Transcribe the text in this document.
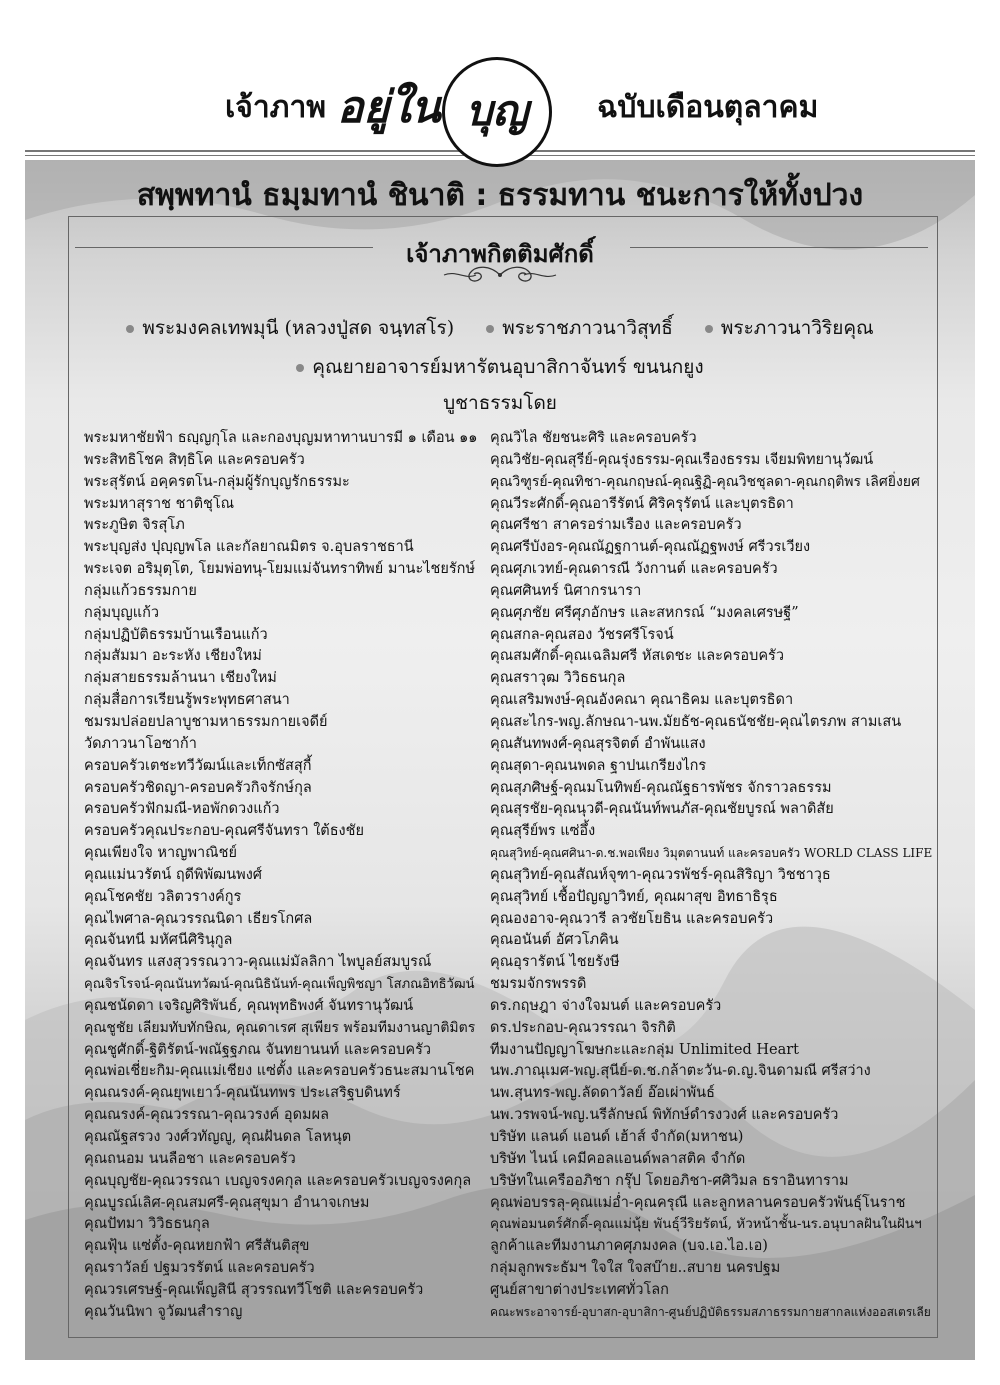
เจ้าภาพ อยู่ใน	ฉบับเดือนตุลาคม
บุญ
สพฺพทานํ ธมฺมทานํ ชินาติ : ธรรมทาน ชนะการให้ทั้งปวง
เจ้าภาพกิตติมศักดิ์
พระมงคลเทพมุนี (หลวงปู่สด จนฺทสโร)	พระราชภาวนาวิสุทธิ์	พระภาวนาวิริยคุณ
คุณยายอาจารย์มหารัตนอุบาสิกาจันทร์ ขนนกยูง
บูชาธรรมโดย
พระมหาชัยฟ้า ธญฺญกุโล และกองบุญมหาทานบารมี ๑ เดือน ๑๑
พระสิทธิโชค สิทฺธิโค และครอบครัว
พระสุรัตน์ อคฺครตโน-กลุ่มผู้รักบุญรักธรรมะ
พระมหาสุราช ชาติชุโณ
พระภูษิต จิรสุโภ
พระบุญส่ง ปุญฺญพโล และกัลยาณมิตร จ.อุบลราชธานี
พระเจต อริมุตฺโต, โยมพ่อทนุ-โยมแม่จันทราทิพย์ มานะไชยรักษ์
กลุ่มแก้วธรรมกาย
กลุ่มบุญแก้ว
กลุ่มปฏิบัติธรรมบ้านเรือนแก้ว
กลุ่มสัมมา อะระหัง เชียงใหม่
กลุ่มสายธรรมล้านนา เชียงใหม่
กลุ่มสื่อการเรียนรู้พระพุทธศาสนา
ชมรมปล่อยปลาบูชามหาธรรมกายเจดีย์
วัดภาวนาโอซาก้า
ครอบครัวเตชะทวีวัฒน์และเท็กซัสสุกี้
ครอบครัวชิดญา-ครอบครัวกิจรักษ์กุล
ครอบครัวฟักมณี-หอพักดวงแก้ว
ครอบครัวคุณประกอบ-คุณศรีจันทรา ใต้ธงชัย
คุณเพียงใจ หาญพาณิชย์
คุณแม่นวรัตน์ ฤดีพิพัฒนพงศ์
คุณโชคชัย วลิตวรางค์กูร
คุณไพศาล-คุณวรรณนิดา เธียรโกศล
คุณจันทนี มหัศนีศิรินุกูล
คุณจันทร แสงสุวรรณวาว-คุณแม่มัลลิกา ไพบูลย์สมบูรณ์
คุณจิรโรจน์-คุณนันทวัฒน์-คุณนิธินันท์-คุณเพ็ญพิชญา โสภณอิทธิวัฒน์
คุณชนัดดา เจริญศิริพันธ์, คุณพุทธิพงศ์ จันทรานุวัฒน์
คุณชูชัย เลียมทับทักษิณ, คุณดาเรศ สุเพียร พร้อมทีมงานญาติมิตร
คุณชูศักดิ์-ฐิติรัตน์-พณัฐฐภณ จันทยานนท์ และครอบครัว
คุณพ่อเชี่ยะกิม-คุณแม่เชียง แซ่ตั้ง และครอบครัวธนะสมานโชค
คุณณรงค์-คุณยุพเยาว์-คุณนันทพร ประเสริฐบดินทร์
คุณณรงค์-คุณวรรณา-คุณวรงค์ อุดมผล
คุณณัฐสรวง วงศ์วทัญญู, คุณฝันดล โลหนุต
คุณถนอม นนลือชา และครอบครัว
คุณบุญชัย-คุณวรรณา เบญจรงคกุล และครอบครัวเบญจรงคกุล
คุณบูรณ์เลิศ-คุณสมศรี-คุณสุขุมา อำนาจเกษม
คุณปัทมา วิวิธธนกุล
คุณฟุ้น แซ่ตั้ง-คุณหยกฟ้า ศรีสันติสุข
คุณราวัลย์ ปฐมวรรัตน์ และครอบครัว
คุณวรเศรษฐ์-คุณเพ็ญสินี สุวรรณทวีโชติ และครอบครัว
คุณวันนิพา จูวัฒนสำราญ
คุณวิไล ชัยชนะศิริ และครอบครัว
คุณวิชัย-คุณสุรีย์-คุณรุ่งธรรม-คุณเรืองธรรม เจียมพิทยานุวัฒน์
คุณวิฑูรย์-คุณทิชา-คุณกฤษณ์-คุณฐิฏิ-คุณวิชชุลดา-คุณกฤติพร เลิศยิ่งยศ
คุณวีระศักดิ์-คุณอารีรัตน์ ศิริครุรัตน์ และบุตรธิดา
คุณศรีชา สาครอร่ามเรือง และครอบครัว
คุณศรีบังอร-คุณณัฏฐกานต์-คุณณัฏฐพงษ์ ศรีวรเวียง
คุณศุภเวทย์-คุณดารณี วังกานต์ และครอบครัว
คุณศศินทร์ นิศากรนารา
คุณศุภชัย ศรีศุภอักษร และสหกรณ์ “มงคลเศรษฐี”
คุณสกล-คุณสอง วัชรศรีโรจน์
คุณสมศักดิ์-คุณเฉลิมศรี หัสเดชะ และครอบครัว
คุณสราวุฒ วิวิธธนกุล
คุณเสริมพงษ์-คุณอังคณา คุณาธิคม และบุตรธิดา
คุณสะไกร-พญ.ลักษณา-นพ.มัยธัช-คุณธนัชชัย-คุณไตรภพ สามเสน
คุณสันทพงศ์-คุณสุรจิตต์ อำพันแสง
คุณสุดา-คุณนพดล ฐาปนเกรียงไกร
คุณสุภศิษฐ์-คุณมโนทิพย์-คุณณัฐธารพัชร จักราวลธรรม
คุณสุรชัย-คุณนุวดี-คุณนันท์พนภัส-คุณชัยบูรณ์ พลาดิสัย
คุณสุรีย์พร แซ่อึ้ง
คุณสุวิทย์-คุณศศินา-ด.ช.พอเพียง วิมุตตานนท์ และครอบครัว WORLD CLASS LIFE
คุณสุวิทย์-คุณสัณห์จุฑา-คุณวรพัชร์-คุณสิริญา วิชชาวุธ
คุณสุวิทย์ เชื้อปัญญาวิทย์, คุณผาสุข อิทธาธิรุธ
คุณองอาจ-คุณวารี ลวชัยโยธิน และครอบครัว
คุณอนันต์ อัศวโภคิน
คุณอุรารัตน์ ไชยรังษี
ชมรมจักรพรรดิ
ดร.กฤษฎา จ่างใจมนต์ และครอบครัว
ดร.ประกอบ-คุณวรรณา จิรกิติ
ทีมงานปัญญาโฆษกะและกลุ่ม Unlimited Heart
นพ.ภาณุเมศ-พญ.สุนีย์-ด.ช.กล้าตะวัน-ด.ญ.จินดามณี ศรีสว่าง
นพ.สุนทร-พญ.ลัดดาวัลย์ อ๊อเผ่าพันธ์
นพ.วรพจน์-พญ.นรีลักษณ์ พิทักษ์ดำรงวงศ์ และครอบครัว
บริษัท แลนด์ แอนด์ เฮ้าส์ จำกัด(มหาชน)
บริษัท ไนน์ เคมีคอลแอนด์พลาสติค จำกัด
บริษัทในเครืออภิชา กรุ๊ป โดยอภิชา-ศศิวิมล ธราอินทาราม
คุณพ่อบรรลุ-คุณแม่อ่ำ-คุณครุณี และลูกหลานครอบครัวพันธุ์โนราช
คุณพ่อมนตร์ศักดิ์-คุณแม่นุ้ย พันธุ์วีริยรัตน์, หัวหน้าชั้น-นร.อนุบาลฝันในฝันฯ
ลูกค้าและทีมงานภาคศุภมงคล (บจ.เอ.ไอ.เอ)
กลุ่มลูกพระธัมฯ ใจใส ใจสบ๊าย..สบาย นครปฐม
ศูนย์สาขาต่างประเทศทั่วโลก
คณะพระอาจารย์-อุบาสก-อุบาสิกา-ศูนย์ปฏิบัติธรรมสภาธรรมกายสากลแห่งออสเตรเลีย
